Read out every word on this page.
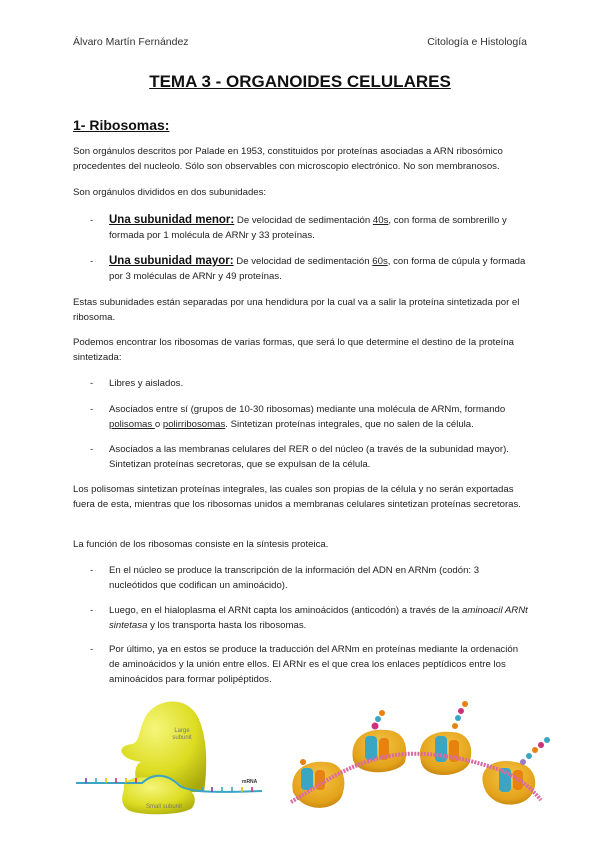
Álvaro Martín Fernández	Citología e Histología
TEMA 3 - ORGANOIDES CELULARES
1- Ribosomas:
Son orgánulos descritos por Palade en 1953, constituidos por proteínas asociadas a ARN ribosómico procedentes del nucleolo. Sólo son observables con microscopio electrónico. No son membranosos.
Son orgánulos divididos en dos subunidades:
- Una subunidad menor: De velocidad de sedimentación 40s, con forma de sombrerillo y formada por 1 molécula de ARNr y 33 proteínas.
- Una subunidad mayor: De velocidad de sedimentación 60s, con forma de cúpula y formada por 3 moléculas de ARNr y 49 proteínas.
Estas subunidades están separadas por una hendidura por la cual va a salir la proteína sintetizada por el ribosoma.
Podemos encontrar los ribosomas de varias formas, que será lo que determine el destino de la proteína sintetizada:
- Libres y aislados.
- Asociados entre sí (grupos de 10-30 ribosomas) mediante una molécula de ARNm, formando polisomas o polirribosomas. Sintetizan proteínas integrales, que no salen de la célula.
- Asociados a las membranas celulares del RER o del núcleo (a través de la subunidad mayor). Sintetizan proteínas secretoras, que se expulsan de la célula.
Los polisomas sintetizan proteínas integrales, las cuales son propias de la célula y no serán exportadas fuera de esta, mientras que los ribosomas unidos a membranas celulares sintetizan proteínas secretoras.
La función de los ribosomas consiste en la síntesis proteica.
- En el núcleo se produce la transcripción de la información del ADN en ARNm (codón: 3 nucleótidos que codifican un aminoácido).
- Luego, en el hialoplasma el ARNt capta los aminoácidos (anticodón) a través de la aminoacil ARNt sintetasa y los transporta hasta los ribosomas.
- Por último, ya en estos se produce la traducción del ARNm en proteínas mediante la ordenación de aminoácidos y la unión entre ellos. El ARNr es el que crea los enlaces peptídicos entre los aminoácidos para formar polipéptidos.
Large
subunit
Small subunit
mRNA
